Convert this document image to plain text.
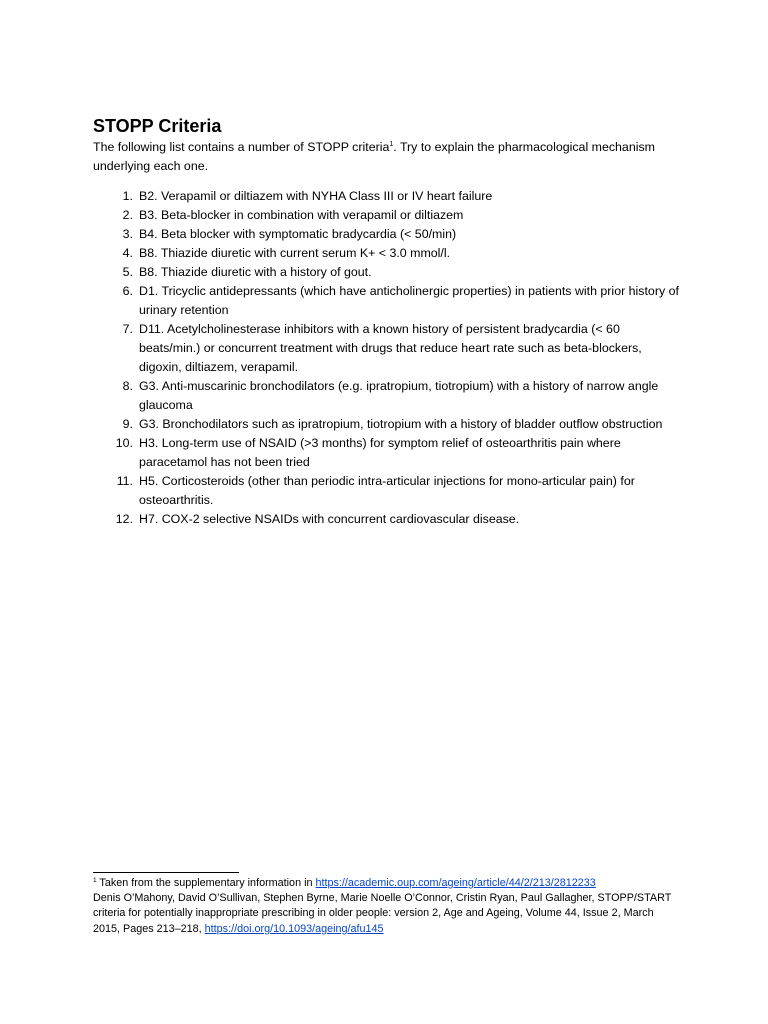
STOPP Criteria

The following list contains a number of STOPP criteria$^1$. Try to explain the pharmacological mechanism underlying each one.

1. B2. Verapamil or diltiazem with NYHA Class III or IV heart failure
2. B3. Beta-blocker in combination with verapamil or diltiazem
3. B4. Beta blocker with symptomatic bradycardia (< 50/min)
4. B8. Thiazide diuretic with current serum K+ < 3.0 mmol/l.
5. B8. Thiazide diuretic with a history of gout.
6. D1. Tricyclic antidepressants (which have anticholinergic properties) in patients with prior history of urinary retention
7. D11. Acetylcholinesterase inhibitors with a known history of persistent bradycardia (< 60 beats/min.) or concurrent treatment with drugs that reduce heart rate such as beta-blockers, digoxin, diltiazem, verapamil.
8. G3. Anti-muscarinic bronchodilators (e.g. ipratropium, tiotropium) with a history of narrow angle glaucoma
9. G3. Bronchodilators such as ipratropium, tiotropium with a history of bladder outflow obstruction
10. H3. Long-term use of NSAID (>3 months) for symptom relief of osteoarthritis pain where paracetamol has not been tried
11. H5. Corticosteroids (other than periodic intra-articular injections for mono-articular pain) for osteoarthritis.
12. H7. COX-2 selective NSAIDs with concurrent cardiovascular disease.

$^1$ Taken from the supplementary information in https://academic.oup.com/ageing/article/44/2/213/2812233
Denis O’Mahony, David O’Sullivan, Stephen Byrne, Marie Noelle O’Connor, Cristin Ryan, Paul Gallagher, STOPP/START criteria for potentially inappropriate prescribing in older people: version 2, Age and Ageing, Volume 44, Issue 2, March 2015, Pages 213–218, https://doi.org/10.1093/ageing/afu145
